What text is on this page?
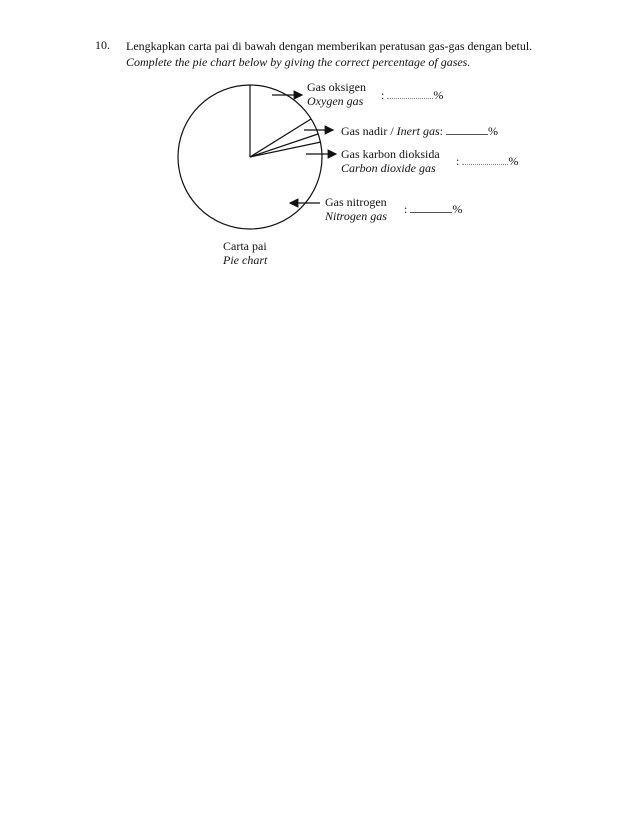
10. Lengkapkan carta pai di bawah dengan memberikan peratusan gas-gas dengan betul.
Complete the pie chart below by giving the correct percentage of gases.
Gas oksigen
Oxygen gas :	%
Gas nadir / Inert gas:	%
Gas karbon dioksida
Carbon dioxide gas	:	%
Gas nitrogen
Nitrogen gas :	%
Carta pai
Pie chart
